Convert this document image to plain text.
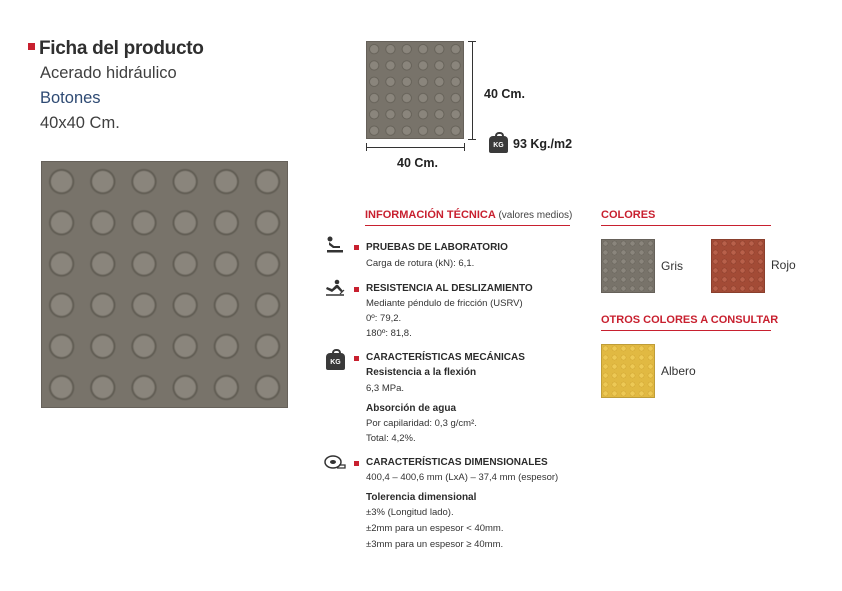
Ficha del producto
Acerado hidráulico
Botones
40x40 Cm.
40 Cm.
40 Cm.
KG 93 Kg./m2
INFORMACIÓN TÉCNICA (valores medios)
PRUEBAS DE LABORATORIO
Carga de rotura (kN): 6,1.
RESISTENCIA AL DESLIZAMIENTO
Mediante péndulo de fricción (USRV)
0º: 79,2.
180º: 81,8.
KG	CARACTERÍSTICAS MECÁNICAS
Resistencia a la flexión
6,3 MPa.
Absorción de agua
Por capilaridad: 0,3 g/cm².
Total: 4,2%.
CARACTERÍSTICAS DIMENSIONALES
400,4 – 400,6 mm (LxA) – 37,4 mm (espesor)
Tolerencia dimensional
±3% (Longitud lado).
±2mm para un espesor < 40mm.
±3mm para un espesor ≥ 40mm.
COLORES
Gris	Rojo
OTROS COLORES A CONSULTAR
Albero
